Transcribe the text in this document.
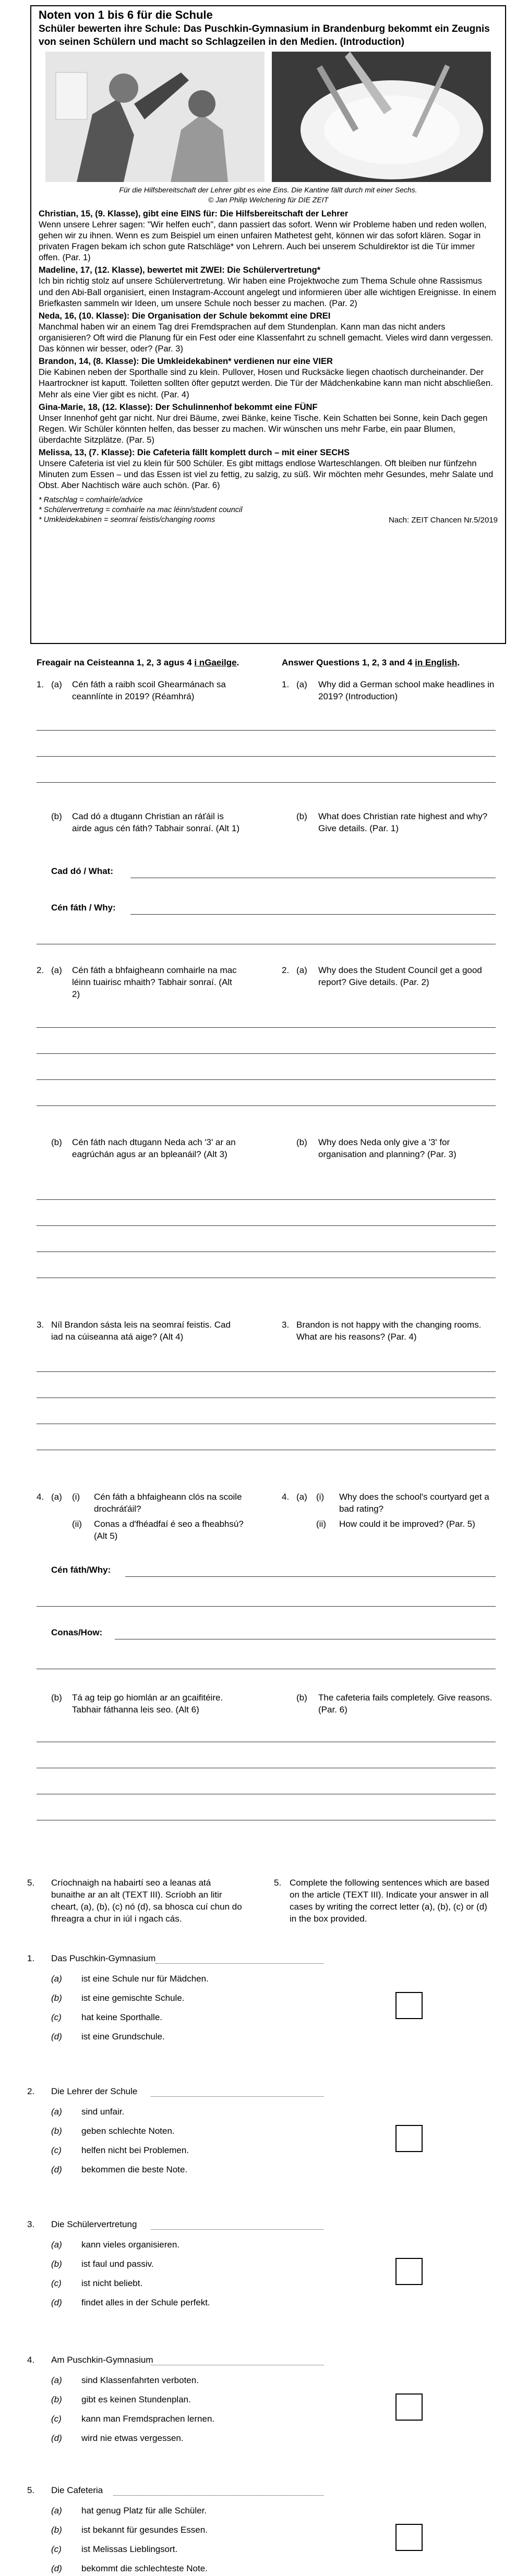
Noten von 1 bis 6 für die Schule

Schüler bewerten ihre Schule: Das Puschkin-Gymnasium in Brandenburg bekommt ein Zeugnis von seinen Schülern und macht so Schlagzeilen in den Medien. (Introduction)

Für die Hilfsbereitschaft der Lehrer gibt es eine Eins. Die Kantine fällt durch mit einer Sechs.
© Jan Philip Welchering für DIE ZEIT

Christian, 15, (9. Klasse), gibt eine EINS für: Die Hilfsbereitschaft der Lehrer
Wenn unsere Lehrer sagen: "Wir helfen euch", dann passiert das sofort. Wenn wir Probleme haben und reden wollen, gehen wir zu ihnen. Wenn es zum Beispiel um einen unfairen Mathetest geht, können wir das sofort klären. Sogar in privaten Fragen bekam ich schon gute Ratschläge* von Lehrern. Auch bei unserem Schuldirektor ist die Tür immer offen. (Par. 1)

Madeline, 17, (12. Klasse), bewertet mit ZWEI: Die Schülervertretung*
Ich bin richtig stolz auf unsere Schülervertretung. Wir haben eine Projektwoche zum Thema Schule ohne Rassismus und den Abi-Ball organisiert, einen Instagram-Account angelegt und informieren über alle wichtigen Ereignisse. In einem Briefkasten sammeln wir Ideen, um unsere Schule noch besser zu machen. (Par. 2)

Neda, 16, (10. Klasse): Die Organisation der Schule bekommt eine DREI
Manchmal haben wir an einem Tag drei Fremdsprachen auf dem Stundenplan. Kann man das nicht anders organisieren? Oft wird die Planung für ein Fest oder eine Klassenfahrt zu schnell gemacht. Vieles wird dann vergessen. Das können wir besser, oder? (Par. 3)

Brandon, 14, (8. Klasse): Die Umkleidekabinen* verdienen nur eine VIER
Die Kabinen neben der Sporthalle sind zu klein. Pullover, Hosen und Rucksäcke liegen chaotisch durcheinander. Der Haartrockner ist kaputt. Toiletten sollten öfter geputzt werden. Die Tür der Mädchenkabine kann man nicht abschließen. Mehr als eine Vier gibt es nicht. (Par. 4)

Gina-Marie, 18, (12. Klasse): Der Schulinnenhof bekommt eine FÜNF
Unser Innenhof geht gar nicht. Nur drei Bäume, zwei Bänke, keine Tische. Kein Schatten bei Sonne, kein Dach gegen Regen. Wir Schüler könnten helfen, das besser zu machen. Wir wünschen uns mehr Farbe, ein paar Blumen, überdachte Sitzplätze. (Par. 5)

Melissa, 13, (7. Klasse): Die Cafeteria fällt komplett durch – mit einer SECHS
Unsere Cafeteria ist viel zu klein für 500 Schüler. Es gibt mittags endlose Warteschlangen. Oft bleiben nur fünfzehn Minuten zum Essen – und das Essen ist viel zu fettig, zu salzig, zu süß. Wir möchten mehr Gesundes, mehr Salate und Obst. Aber Nachtisch wäre auch schön. (Par. 6)

* Ratschlag = comhairle/advice
* Schülervertretung = comhairle na mac léinn/student council
* Umkleidekabinen = seomraí feistis/changing rooms	Nach: ZEIT Chancen Nr.5/2019
Freagair na Ceisteanna 1, 2, 3 agus 4 i nGaeilge.	Answer Questions 1, 2, 3 and 4 in English.
1. (a) Cén fáth a raibh scoil Ghearmánach sa ceannlínte in 2019? (Réamhrá)
1. (a) Why did a German school make headlines in 2019? (Introduction)
(b) Cad dó a dtugann Christian an ráťáil is airde agus cén fáth? Tabhair sonraí. (Alt 1)
(b) What does Christian rate highest and why? Give details. (Par. 1)
Cad dó / What:
Cén fáth / Why:
2. (a) Cén fáth a bhfaigheann comhairle na mac léinn tuairisc mhaith? Tabhair sonraí. (Alt 2)
2. (a) Why does the Student Council get a good report? Give details. (Par. 2)
(b) Cén fáth nach dtugann Neda ach '3' ar an eagrúchán agus ar an bpleanáil? (Alt 3)
(b) Why does Neda only give a '3' for organisation and planning? (Par. 3)
3. Níl Brandon sásta leis na seomraí feistis. Cad iad na cúiseanna atá aige? (Alt 4)
3. Brandon is not happy with the changing rooms. What are his reasons? (Par. 4)
4. (a) (i) Cén fáth a bhfaigheann clós na scoile drochráťáil?
(ii) Conas a d'fhéadfaí é seo a fheabhsú? (Alt 5)
4. (a) (i) Why does the school's courtyard get a bad rating?
(ii) How could it be improved? (Par. 5)
Cén fáth/Why:
Conas/How:
(b) Tá ag teip go hiomlán ar an gcaifitéire. Tabhair fáthanna leis seo. (Alt 6)
(b) The cafeteria fails completely. Give reasons. (Par. 6)
5. Críochnaigh na habairtí seo a leanas atá bunaithe ar an alt (TEXT III). Scríobh an litir cheart, (a), (b), (c) nó (d), sa bhosca cuí chun do fhreagra a chur in iúl i ngach cás.
5. Complete the following sentences which are based on the article (TEXT III). Indicate your answer in all cases by writing the correct letter (a), (b), (c) or (d) in the box provided.
1. Das Puschkin-Gymnasium
(a) ist eine Schule nur für Mädchen.
(b) ist eine gemischte Schule.
(c) hat keine Sporthalle.
(d) ist eine Grundschule.
2. Die Lehrer der Schule
(a) sind unfair.
(b) geben schlechte Noten.
(c) helfen nicht bei Problemen.
(d) bekommen die beste Note.
3. Die Schülervertretung
(a) kann vieles organisieren.
(b) ist faul und passiv.
(c) ist nicht beliebt.
(d) findet alles in der Schule perfekt.
4. Am Puschkin-Gymnasium
(a) sind Klassenfahrten verboten.
(b) gibt es keinen Stundenplan.
(c) kann man Fremdsprachen lernen.
(d) wird nie etwas vergessen.
5. Die Cafeteria
(a) hat genug Platz für alle Schüler.
(b) ist bekannt für gesundes Essen.
(c) ist Melissas Lieblingsort.
(d) bekommt die schlechteste Note.
